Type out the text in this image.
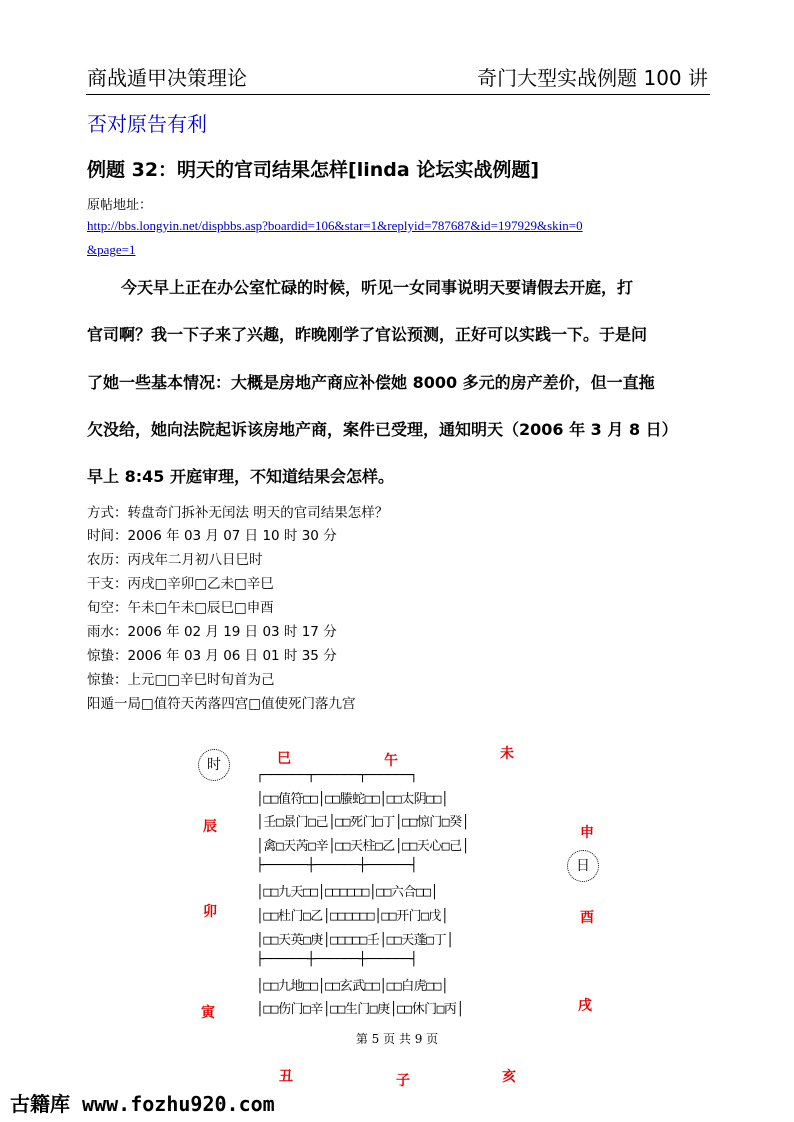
商战遁甲决策理论	奇门大型实战例题 100 讲
否对原告有利
例题 32：明天的官司结果怎样[linda 论坛实战例题]
原帖地址：
http://bbs.longyin.net/dispbbs.asp?boardid=106&star=1&replyid=787687&id=197929&skin=0
&page=1
今天早上正在办公室忙碌的时候，听见一女同事说明天要请假去开庭，打
官司啊？我一下子来了兴趣，昨晚刚学了官讼预测，正好可以实践一下。于是问
了她一些基本情况：大概是房地产商应补偿她 8000 多元的房产差价，但一直拖
欠没给，她向法院起诉该房地产商，案件已受理，通知明天（2006 年 3 月 8 日）
早上 8:45 开庭审理，不知道结果会怎样。
方式：转盘奇门拆补无闰法 明天的官司结果怎样？
时间：2006 年 03 月 07 日 10 时 30 分
农历：丙戌年二月初八日巳时
干支：丙戌□辛卯□乙未□辛巳
旬空：午未□午未□辰巳□申酉
雨水：2006 年 02 月 19 日 03 时 17 分
惊蛰：2006 年 03 月 06 日 01 时 35 分
惊蛰：上元□□辛巳时旬首为己
阳遁一局□值符天芮落四宫□值使死门落九宫
时	巳	午	未
辰	申
日
卯	酉
寅	戌
丑	子	亥
┌──────┬──────┬──────┐
│□□值符□□│□□螣蛇□□│□□太阴□□│
│壬□景门□己│□□死门□丁│□□惊门□癸│
│禽□天芮□辛│□□天柱□乙│□□天心□己│
├──────┼──────┼──────┤
│□□九天□□│□□□□□□│□□六合□□│
│□□杜门□乙│□□□□□□│□□开门□戊│
│□□天英□庚│□□□□□壬│□□天蓬□丁│
├──────┼──────┼──────┤
│□□九地□□│□□玄武□□│□□白虎□□│
│□□伤门□辛│□□生门□庚│□□休门□丙│
第 5 页 共 9 页
古籍库 www.fozhu920.com
